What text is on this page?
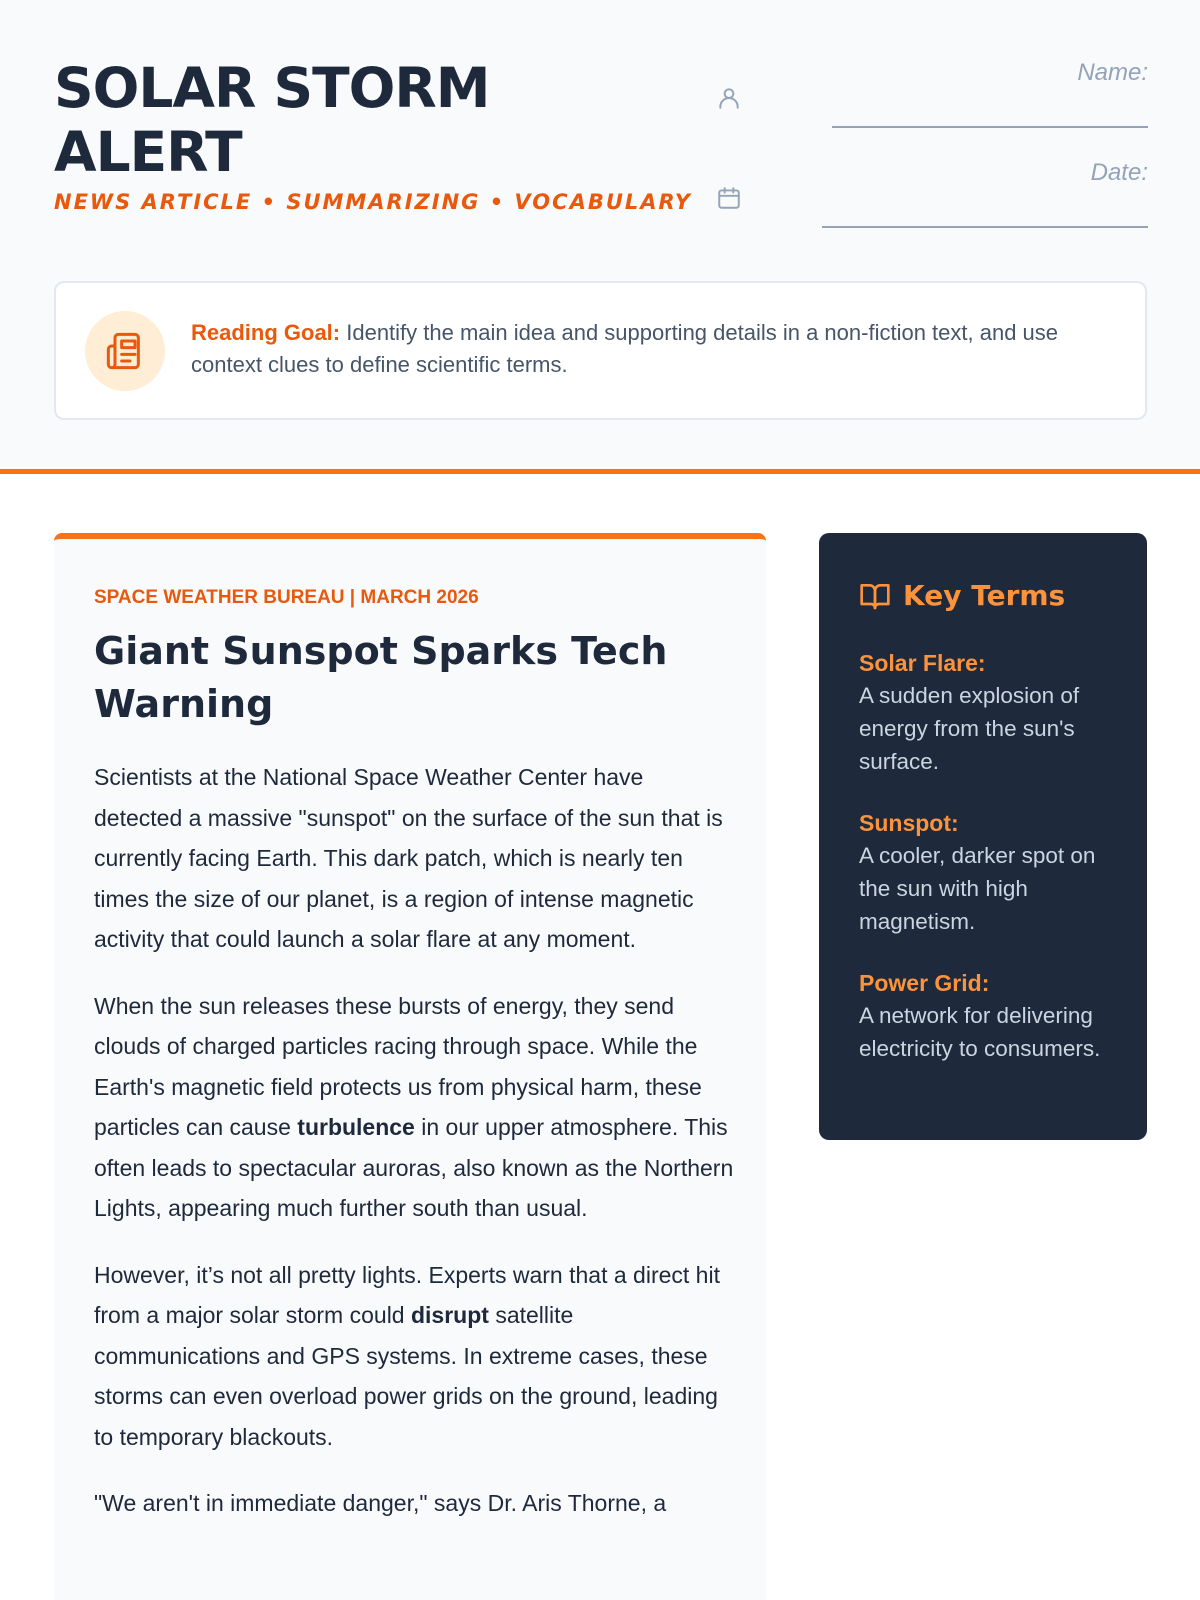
SOLAR STORM ALERT
NEWS ARTICLE • SUMMARIZING • VOCABULARY
Name:
Date:

Reading Goal: Identify the main idea and supporting details in a non-fiction text, and use context clues to define scientific terms.

SPACE WEATHER BUREAU | MARCH 2026
Giant Sunspot Sparks Tech Warning

Scientists at the National Space Weather Center have detected a massive "sunspot" on the surface of the sun that is currently facing Earth. This dark patch, which is nearly ten times the size of our planet, is a region of intense magnetic activity that could launch a solar flare at any moment.

When the sun releases these bursts of energy, they send clouds of charged particles racing through space. While the Earth's magnetic field protects us from physical harm, these particles can cause turbulence in our upper atmosphere. This often leads to spectacular auroras, also known as the Northern Lights, appearing much further south than usual.

However, it’s not all pretty lights. Experts warn that a direct hit from a major solar storm could disrupt satellite communications and GPS systems. In extreme cases, these storms can even overload power grids on the ground, leading to temporary blackouts.

"We aren't in immediate danger," says Dr. Aris Thorne, a

Key Terms
Solar Flare:
A sudden explosion of energy from the sun's surface.
Sunspot:
A cooler, darker spot on the sun with high magnetism.
Power Grid:
A network for delivering electricity to consumers.
